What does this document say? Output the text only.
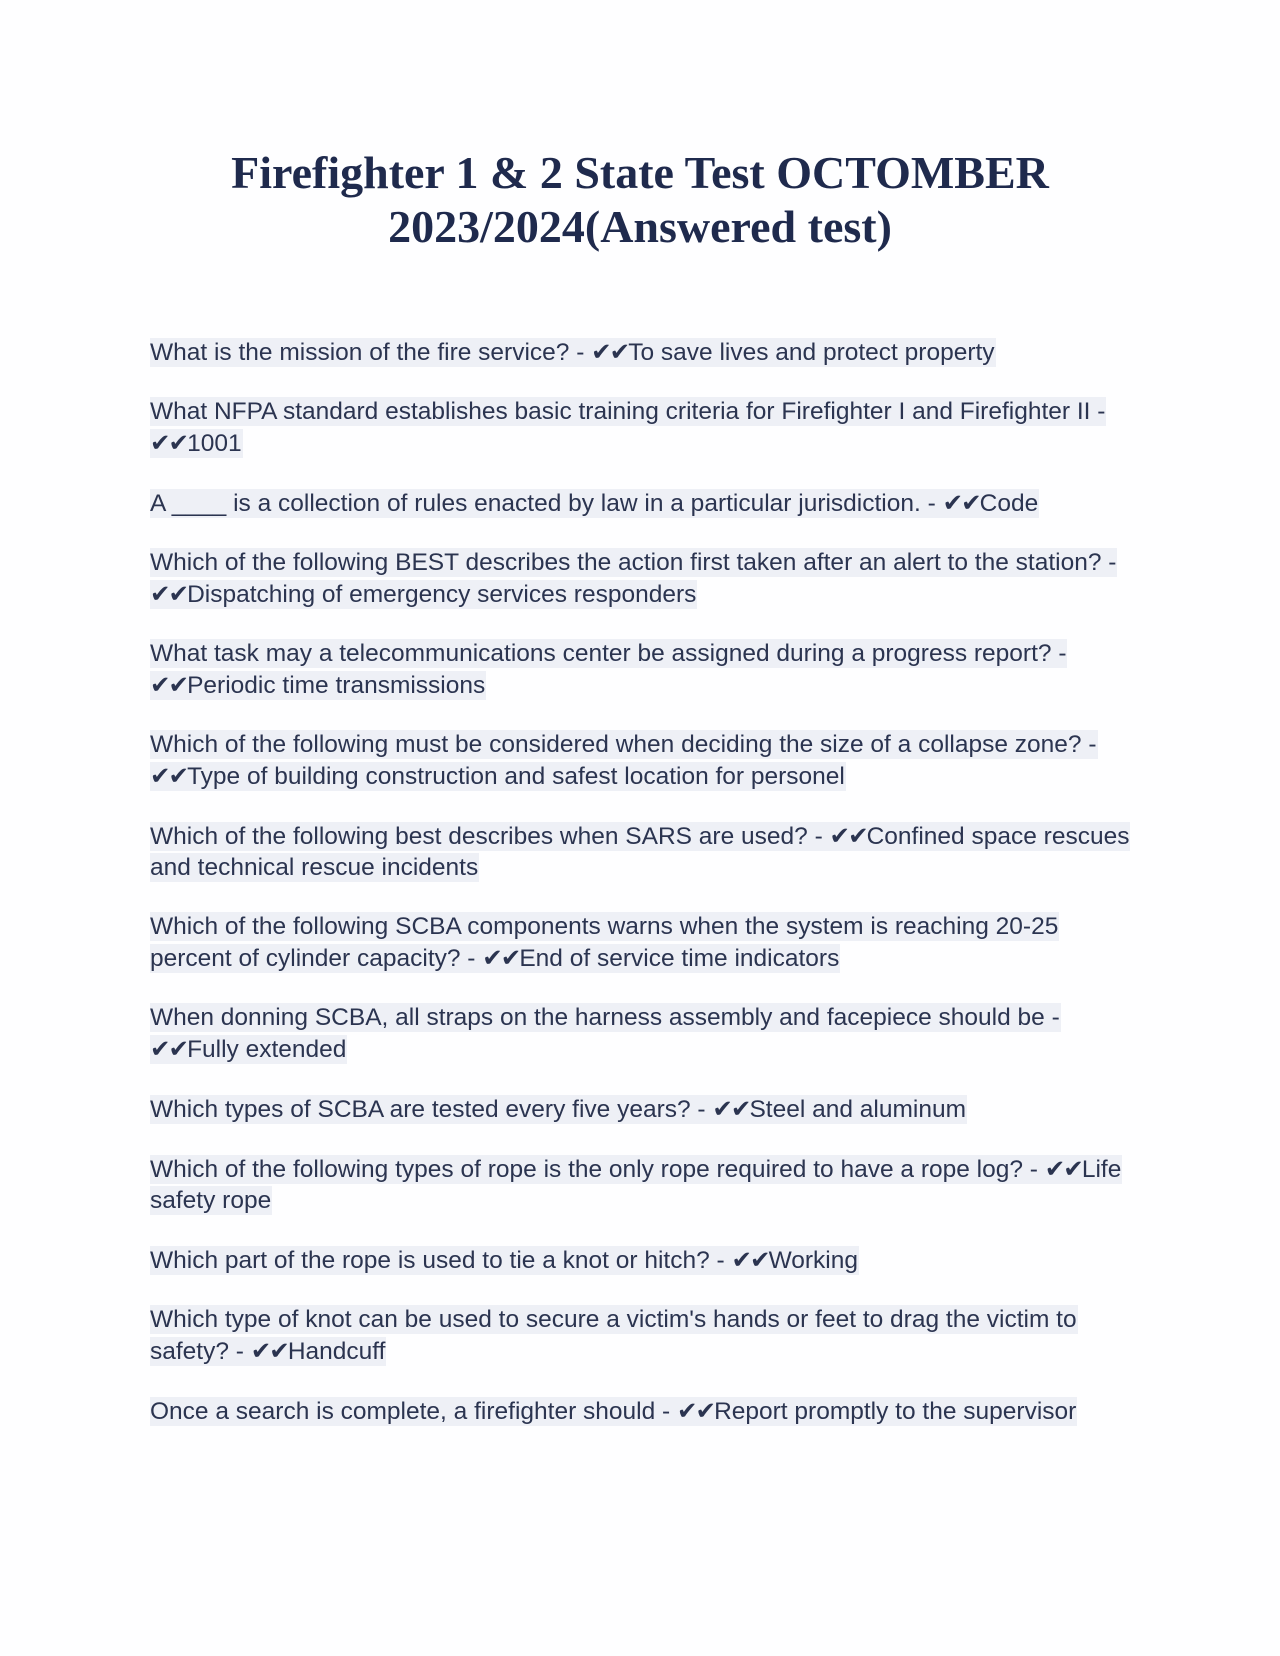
Firefighter 1 & 2 State Test OCTOMBER
2023/2024(Answered test)
What is the mission of the fire service? - ✔✔To save lives and protect property
What NFPA standard establishes basic training criteria for Firefighter I and Firefighter II - ✔✔1001
A ____ is a collection of rules enacted by law in a particular jurisdiction. - ✔✔Code
Which of the following BEST describes the action first taken after an alert to the station? - ✔✔Dispatching of emergency services responders
What task may a telecommunications center be assigned during a progress report? - ✔✔Periodic time transmissions
Which of the following must be considered when deciding the size of a collapse zone? - ✔✔Type of building construction and safest location for personel
Which of the following best describes when SARS are used? - ✔✔Confined space rescues and technical rescue incidents
Which of the following SCBA components warns when the system is reaching 20-25 percent of cylinder capacity? - ✔✔End of service time indicators
When donning SCBA, all straps on the harness assembly and facepiece should be - ✔✔Fully extended
Which types of SCBA are tested every five years? - ✔✔Steel and aluminum
Which of the following types of rope is the only rope required to have a rope log? - ✔✔Life safety rope
Which part of the rope is used to tie a knot or hitch? - ✔✔Working
Which type of knot can be used to secure a victim's hands or feet to drag the victim to safety? - ✔✔Handcuff
Once a search is complete, a firefighter should - ✔✔Report promptly to the supervisor
